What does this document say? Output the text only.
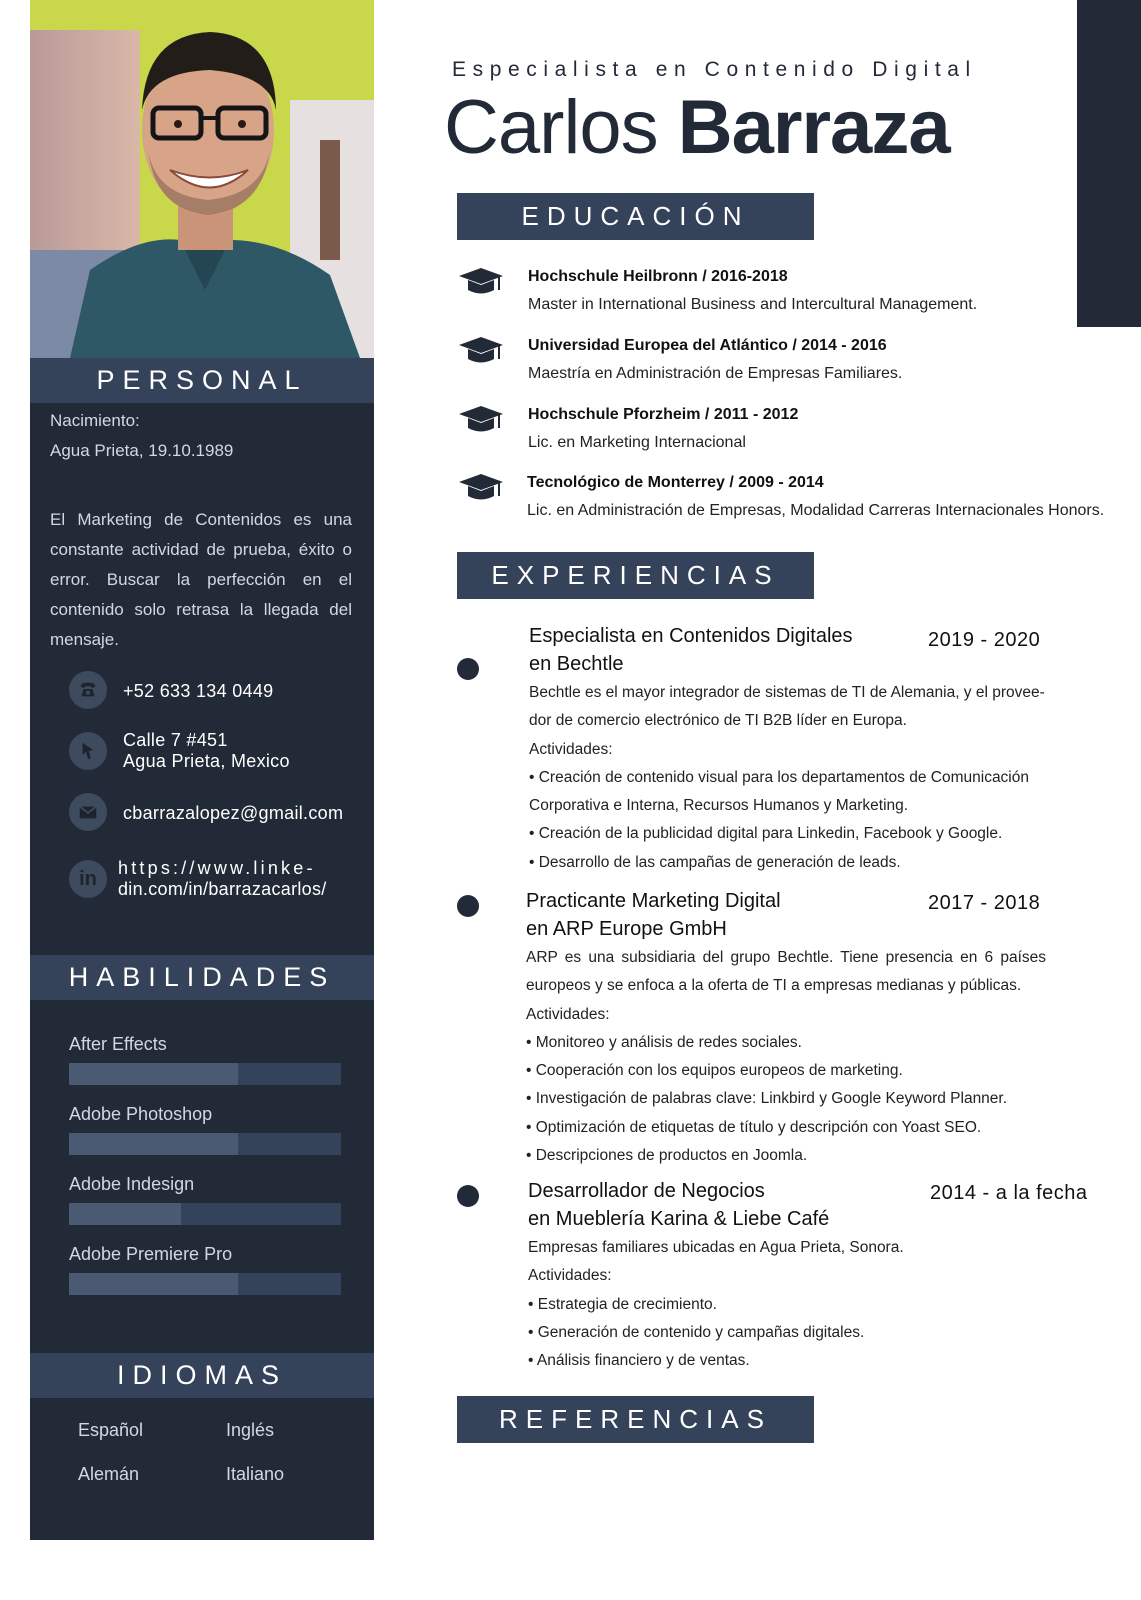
PERSONAL
Nacimiento:
Agua Prieta, 19.10.1989
El Marketing de Contenidos es una constante actividad de prueba, éxito o error. Buscar la perfección en el contenido solo retrasa la llegada del mensaje.
+52 633 134 0449
Calle 7 #451
Agua Prieta, Mexico
cbarrazalopez@gmail.com
in https://www.linke-
din.com/in/barrazacarlos/
HABILIDADES
After Effects
Adobe Photoshop
Adobe Indesign
Adobe Premiere Pro
IDIOMAS
Español	Inglés
Alemán	Italiano
Especialista en Contenido Digital
Carlos Barraza
EDUCACIÓN
Hochschule Heilbronn / 2016-2018
Master in International Business and Intercultural Management.
Universidad Europea del Atlántico / 2014 - 2016
Maestría en Administración de Empresas Familiares.
Hochschule Pforzheim / 2011 - 2012
Lic. en Marketing Internacional
Tecnológico de Monterrey / 2009 - 2014
Lic. en Administración de Empresas, Modalidad Carreras Internacionales Honors.
EXPERIENCIAS
Especialista en Contenidos Digitales
en Bechtle
2019 - 2020
Bechtle es el mayor integrador de sistemas de TI de Alemania, y el provee-
dor de comercio electrónico de TI B2B líder en Europa.
Actividades:
• Creación de contenido visual para los departamentos de Comunicación
Corporativa e Interna, Recursos Humanos y Marketing.
• Creación de la publicidad digital para Linkedin, Facebook y Google.
• Desarrollo de las campañas de generación de leads.
Practicante Marketing Digital
en ARP Europe GmbH
2017 - 2018
ARP es una subsidiaria del grupo Bechtle. Tiene presencia en 6 países europeos y se enfoca a la oferta de TI a empresas medianas y públicas.
Actividades:
• Monitoreo y análisis de redes sociales.
• Cooperación con los equipos europeos de marketing.
• Investigación de palabras clave: Linkbird y Google Keyword Planner.
• Optimización de etiquetas de título y descripción con Yoast SEO.
• Descripciones de productos en Joomla.
Desarrollador de Negocios
en Mueblería Karina & Liebe Café
2014 - a la fecha
Empresas familiares ubicadas en Agua Prieta, Sonora.
Actividades:
• Estrategia de crecimiento.
• Generación de contenido y campañas digitales.
• Análisis financiero y de ventas.
REFERENCIAS
